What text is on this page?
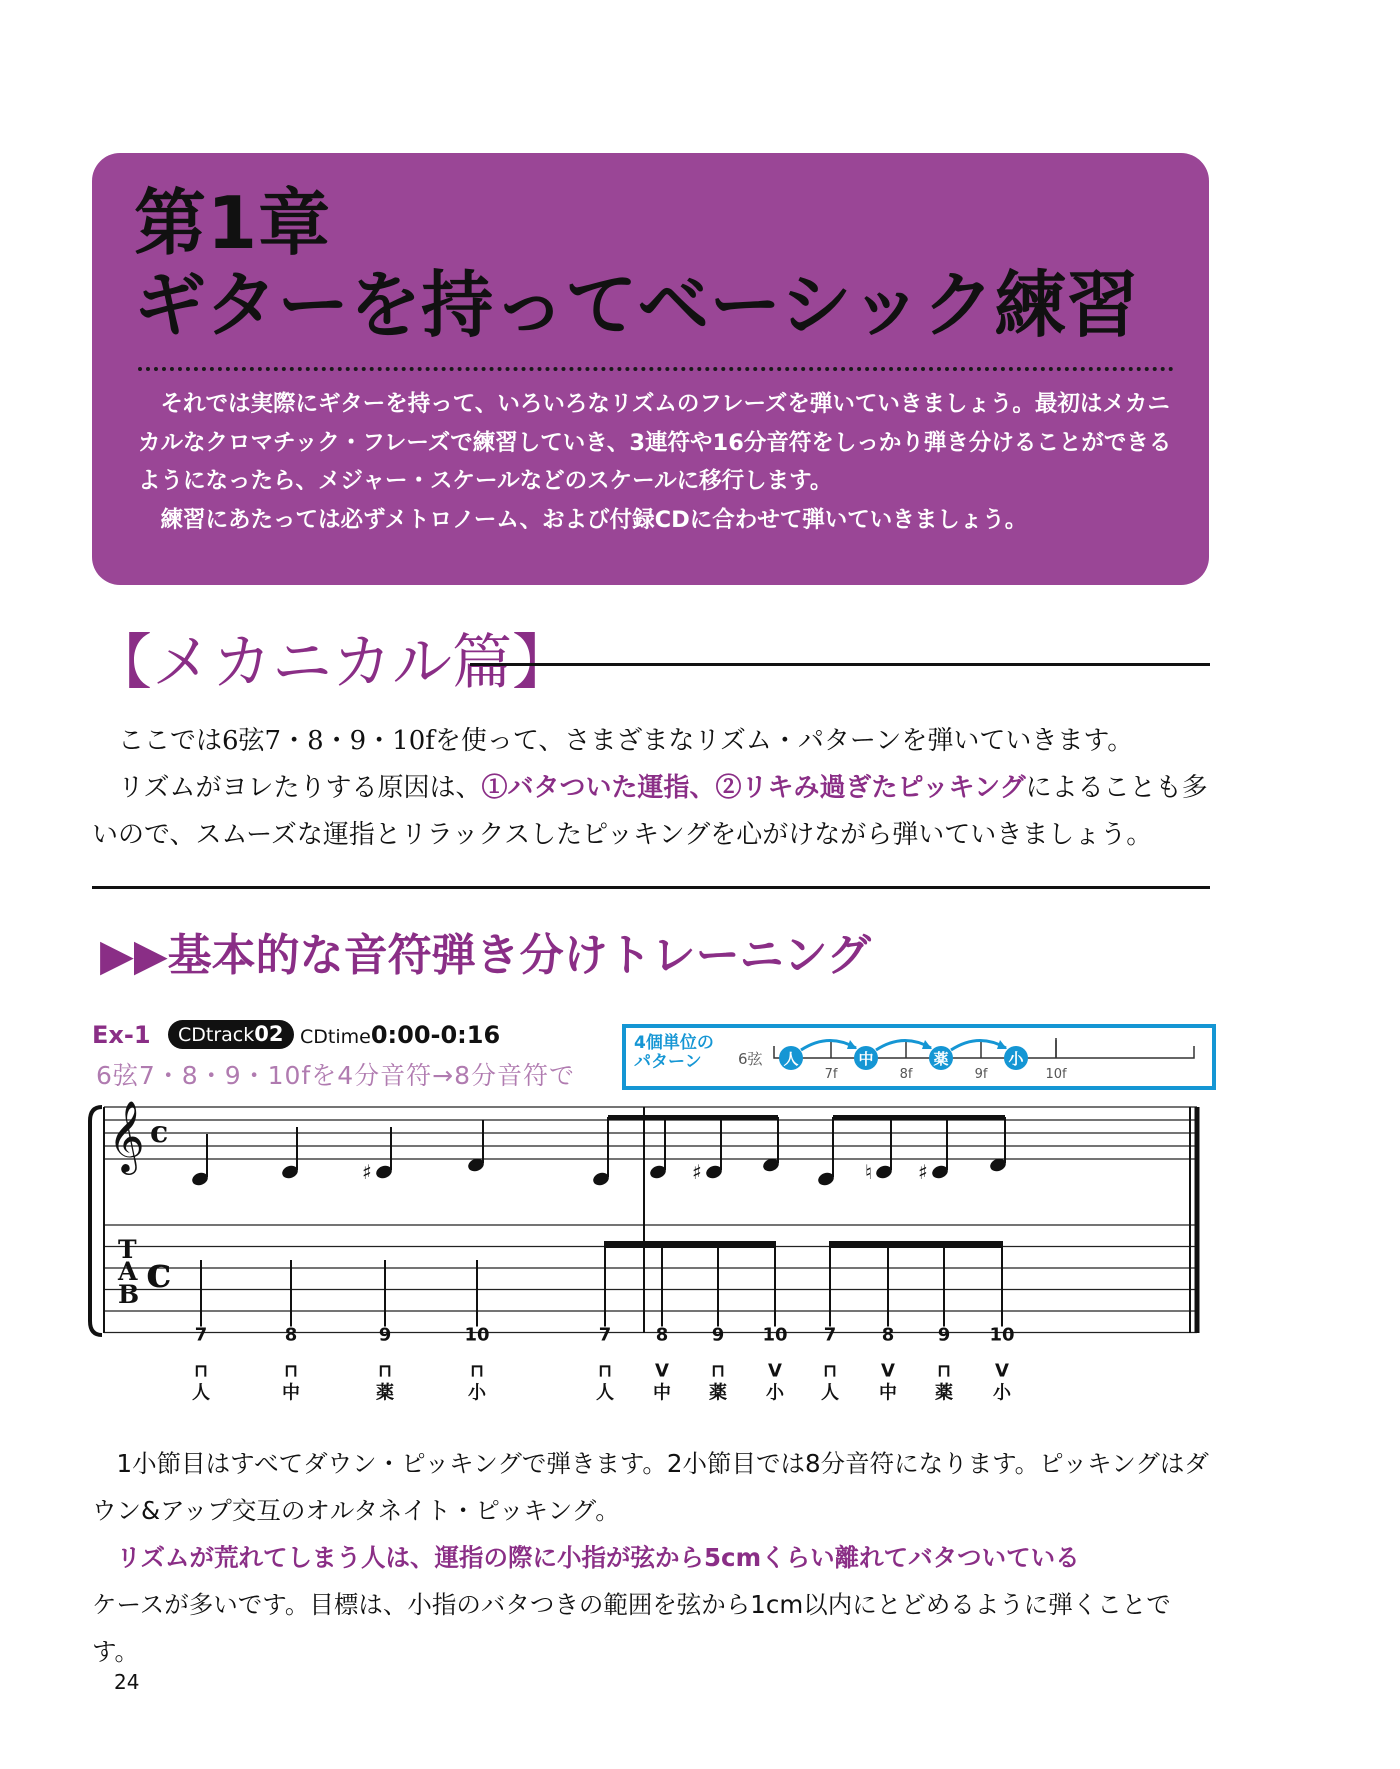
第1章
ギターを持ってベーシック練習

それでは実際にギターを持って、いろいろなリズムのフレーズを弾いていきましょう。最初はメカニカルなクロマチック・フレーズで練習していき、3連符や16分音符をしっかり弾き分けることができるようになったら、メジャー・スケールなどのスケールに移行します。

練習にあたっては必ずメトロノーム、および付録CDに合わせて弾いていきましょう。

【メカニカル篇】

ここでは6弦7・8・9・10fを使って、さまざまなリズム・パターンを弾いていきます。

リズムがヨレたりする原因は、①バタついた運指、②リキみ過ぎたピッキングによることも多いので、スムーズな運指とリラックスしたピッキングを心がけながら弾いていきましょう。

▶▶基本的な音符弾き分けトレーニング
Ex-1	CDtrack02 CDtime0:00-0:16
6弦7・8・9・10fを4分音符→8分音符で
4個単位の
パターン	6弦 人	中	薬	小
7f	8f	9f	10f
𝄞 c
T
A
B c
♯	♯	♮ ♯
7
⊓
人
8
⊓
中
9
⊓
薬
10
⊓
小
7
⊓
人
8
V
中
9
⊓
薬
10
V
小
7
⊓
人
8
V
中
9
⊓
薬
10
V
小

1小節目はすべてダウン・ピッキングで弾きます。2小節目では8分音符になります。ピッキングはダウン&アップ交互のオルタネイト・ピッキング。

リズムが荒れてしまう人は、運指の際に小指が弦から5cmくらい離れてバタついている

ケースが多いです。目標は、小指のバタつきの範囲を弦から1cm以内にとどめるように弾くことです。

24
